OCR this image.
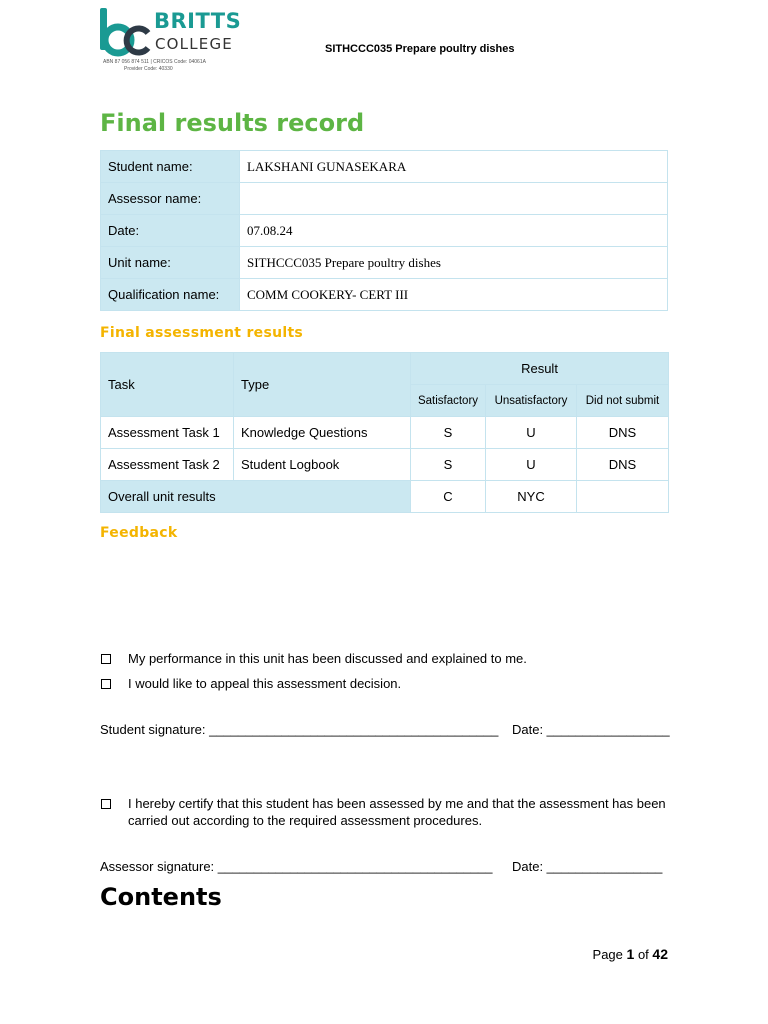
BRITTS
COLLEGE
ABN 87 056 874 511 | CRICOS Code: 04061A
Provider Code: 40330
SITHCCC035 Prepare poultry dishes
Final results record
Student name:	LAKSHANI GUNASEKARA
Assessor name:	
Date:	07.08.24
Unit name:	SITHCCC035 Prepare poultry dishes
Qualification name:	COMM COOKERY- CERT III
Final assessment results
Task	Type	Result		
		Satisfactory	Unsatisfactory	Did not submit
Assessment Task 1	Knowledge Questions	S	U	DNS
Assessment Task 2	Student Logbook	S	U	DNS
Overall unit results		C	NYC	
Feedback
My performance in this unit has been discussed and explained to me.
I would like to appeal this assessment decision.
Student signature: ________________________________________ Date: _________________
I hereby certify that this student has been assessed by me and that the assessment has been carried out according to the required assessment procedures.
Assessor signature: ______________________________________ Date: ________________
Contents
Page 1 of 42
